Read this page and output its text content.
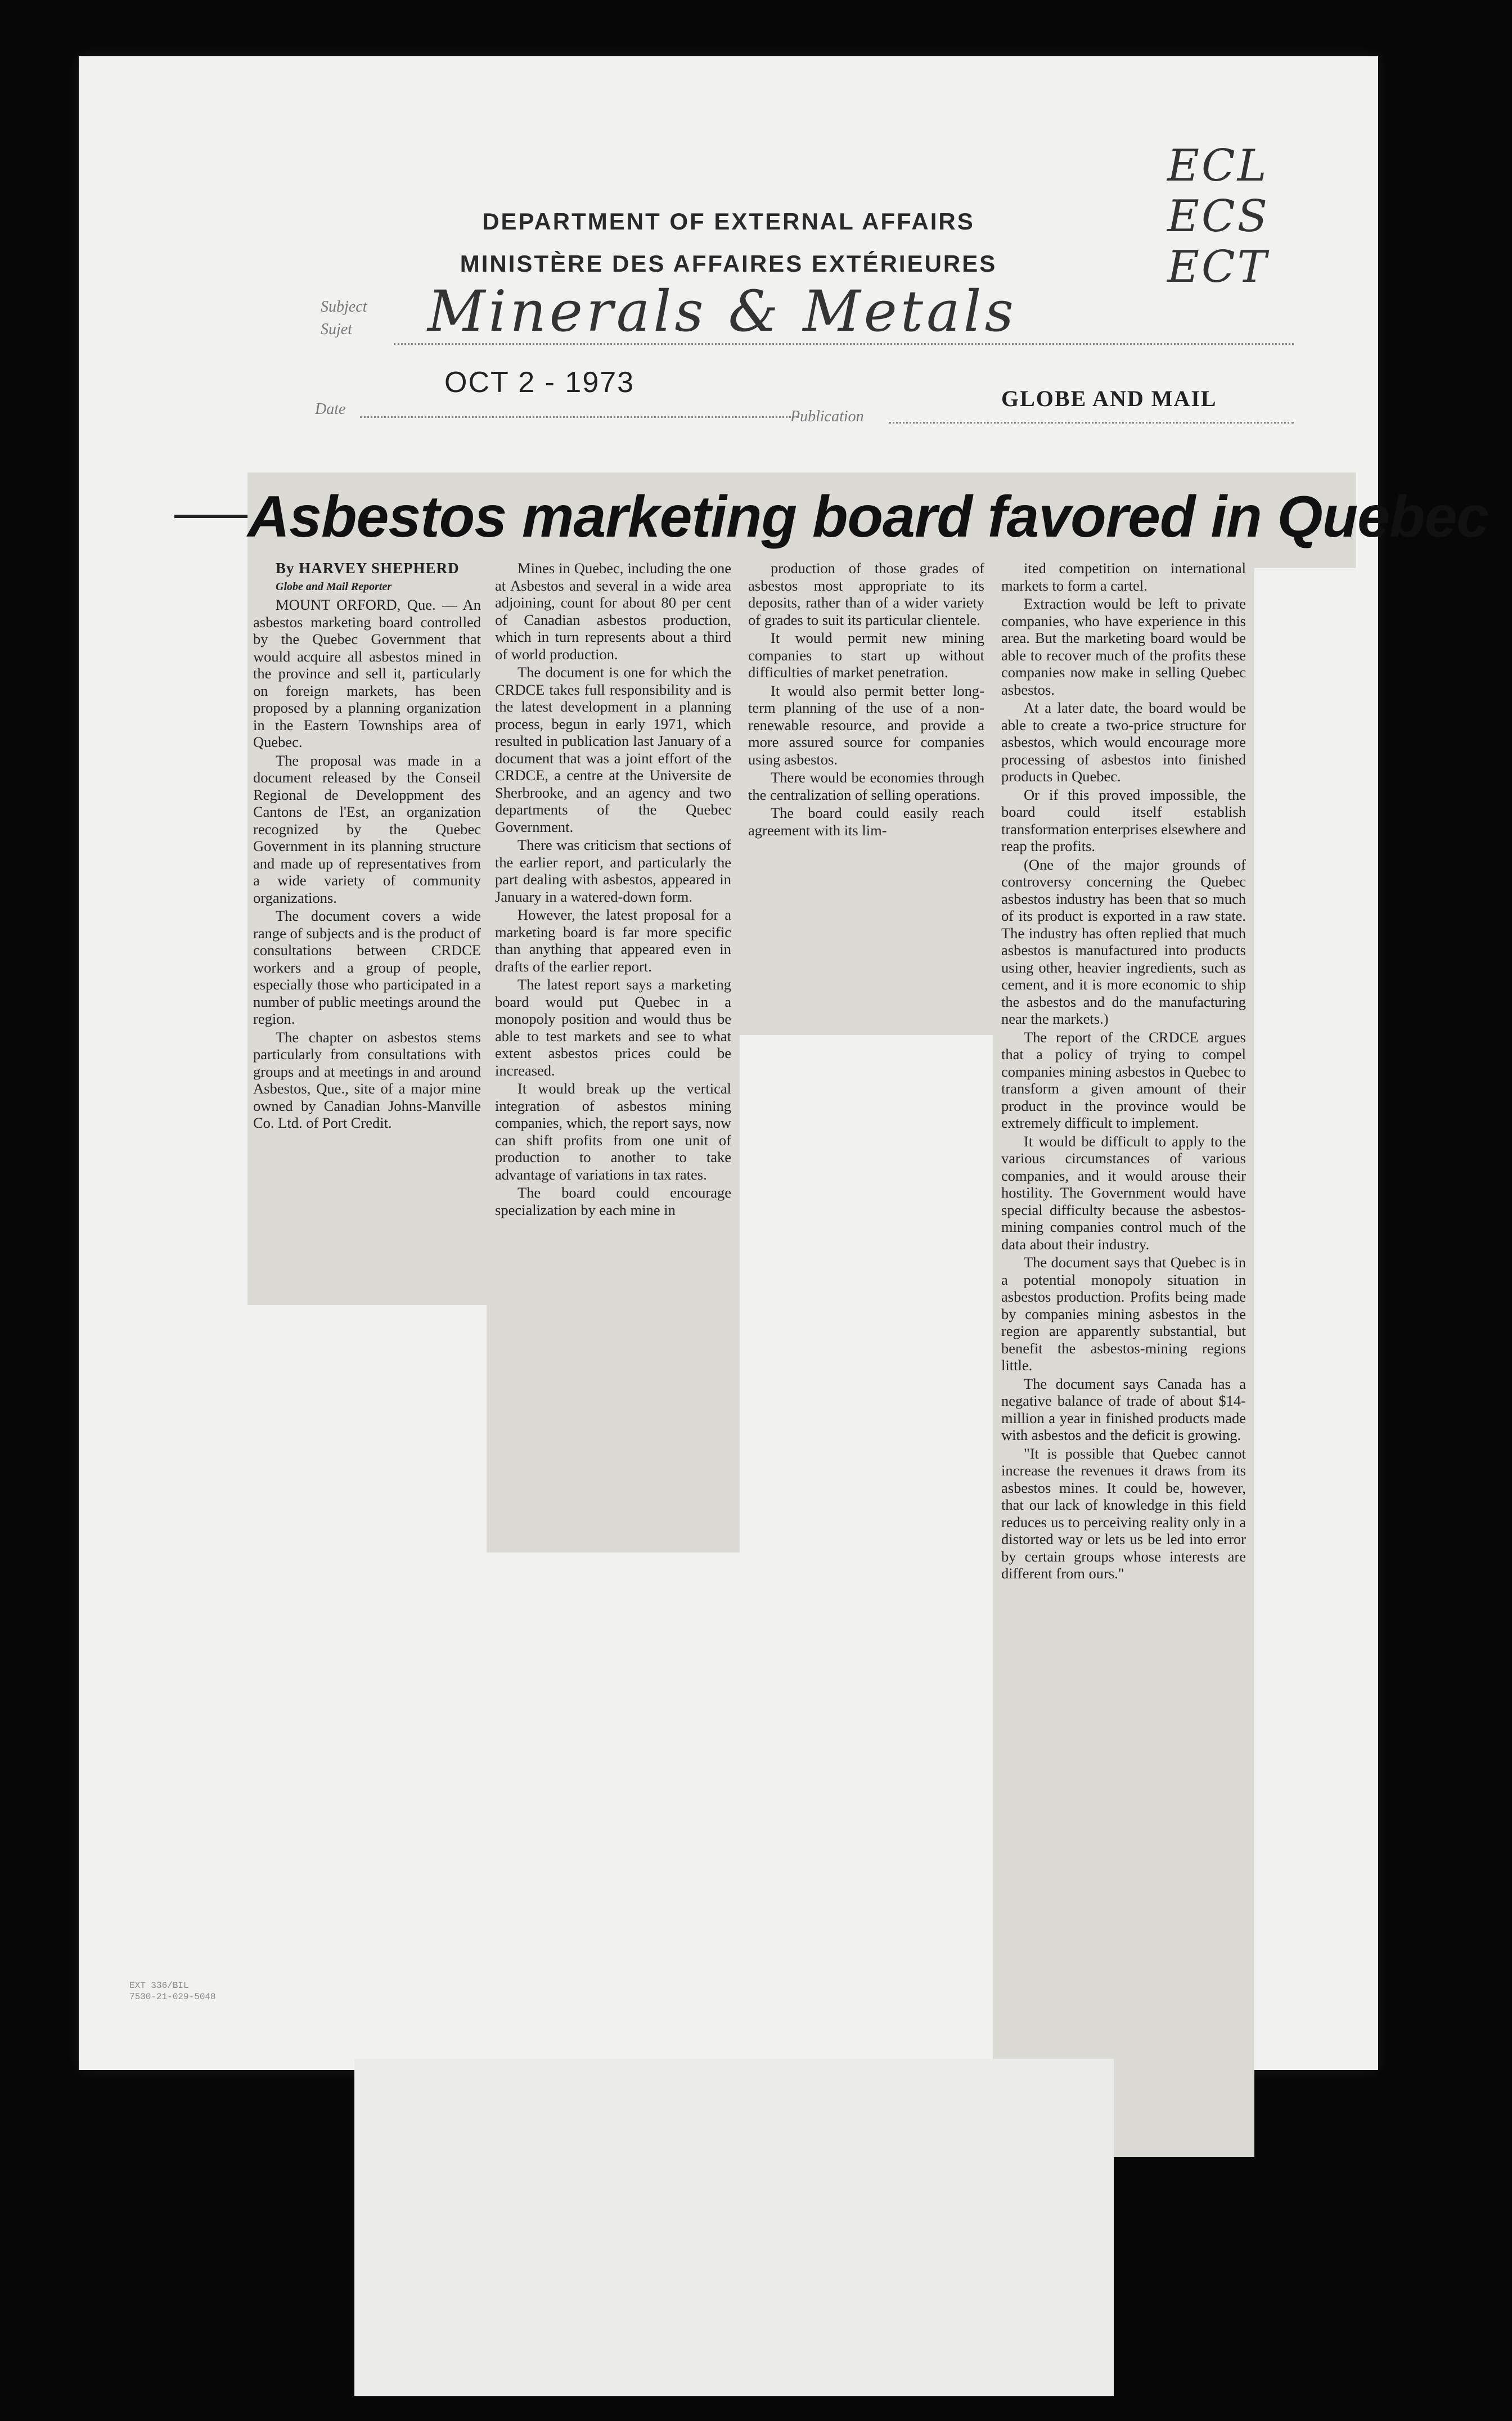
ECL
ECS
ECT
DEPARTMENT OF EXTERNAL AFFAIRS
MINISTÈRE DES AFFAIRES EXTÉRIEURES
Subject
Sujet Minerals & Metals
OCT 2 - 1973
Date	Publication
GLOBE AND MAIL
Asbestos marketing board favored in Quebec

By HARVEY SHEPHERD

Globe and Mail Reporter

MOUNT ORFORD, Que. — An asbestos marketing board controlled by the Quebec Government that would acquire all asbestos mined in the province and sell it, particularly on foreign markets, has been proposed by a planning organization in the Eastern Townships area of Quebec.

The proposal was made in a document released by the Conseil Regional de Developpment des Cantons de l'Est, an organization recognized by the Quebec Government in its planning structure and made up of representatives from a wide variety of community organizations.

The document covers a wide range of subjects and is the product of consultations between CRDCE workers and a group of people, especially those who participated in a number of public meetings around the region.

The chapter on asbestos stems particularly from consultations with groups and at meetings in and around Asbestos, Que., site of a major mine owned by Canadian Johns-Manville Co. Ltd. of Port Credit.

Mines in Quebec, including the one at Asbestos and several in a wide area adjoining, count for about 80 per cent of Canadian asbestos production, which in turn represents about a third of world production.

The document is one for which the CRDCE takes full responsibility and is the latest development in a planning process, begun in early 1971, which resulted in publication last January of a document that was a joint effort of the CRDCE, a centre at the Universite de Sherbrooke, and an agency and two departments of the Quebec Government.

There was criticism that sections of the earlier report, and particularly the part dealing with asbestos, appeared in January in a watered-down form.

However, the latest proposal for a marketing board is far more specific than anything that appeared even in drafts of the earlier report.

The latest report says a marketing board would put Quebec in a monopoly position and would thus be able to test markets and see to what extent asbestos prices could be increased.

It would break up the vertical integration of asbestos mining companies, which, the report says, now can shift profits from one unit of production to another to take advantage of variations in tax rates.

The board could encourage specialization by each mine in

production of those grades of asbestos most appropriate to its deposits, rather than of a wider variety of grades to suit its particular clientele.

It would permit new mining companies to start up without difficulties of market penetration.

It would also permit better long-term planning of the use of a non-renewable resource, and provide a more assured source for companies using asbestos.

There would be economies through the centralization of selling operations.

The board could easily reach agreement with its lim-

ited competition on international markets to form a cartel.

Extraction would be left to private companies, who have experience in this area. But the marketing board would be able to recover much of the profits these companies now make in selling Quebec asbestos.

At a later date, the board would be able to create a two-price structure for asbestos, which would encourage more processing of asbestos into finished products in Quebec.

Or if this proved impossible, the board could itself establish transformation enterprises elsewhere and reap the profits.

(One of the major grounds of controversy concerning the Quebec asbestos industry has been that so much of its product is exported in a raw state. The industry has often replied that much asbestos is manufactured into products using other, heavier ingredients, such as cement, and it is more economic to ship the asbestos and do the manufacturing near the markets.)

The report of the CRDCE argues that a policy of trying to compel companies mining asbestos in Quebec to transform a given amount of their product in the province would be extremely difficult to implement.

It would be difficult to apply to the various circumstances of various companies, and it would arouse their hostility. The Government would have special difficulty because the asbestos-mining companies control much of the data about their industry.

The document says that Quebec is in a potential monopoly situation in asbestos production. Profits being made by companies mining asbestos in the region are apparently substantial, but benefit the asbestos-mining regions little.

The document says Canada has a negative balance of trade of about $14-million a year in finished products made with asbestos and the deficit is growing.

"It is possible that Quebec cannot increase the revenues it draws from its asbestos mines. It could be, however, that our lack of knowledge in this field reduces us to perceiving reality only in a distorted way or lets us be led into error by certain groups whose interests are different from ours."

EXT 336/BIL
7530-21-029-5048
